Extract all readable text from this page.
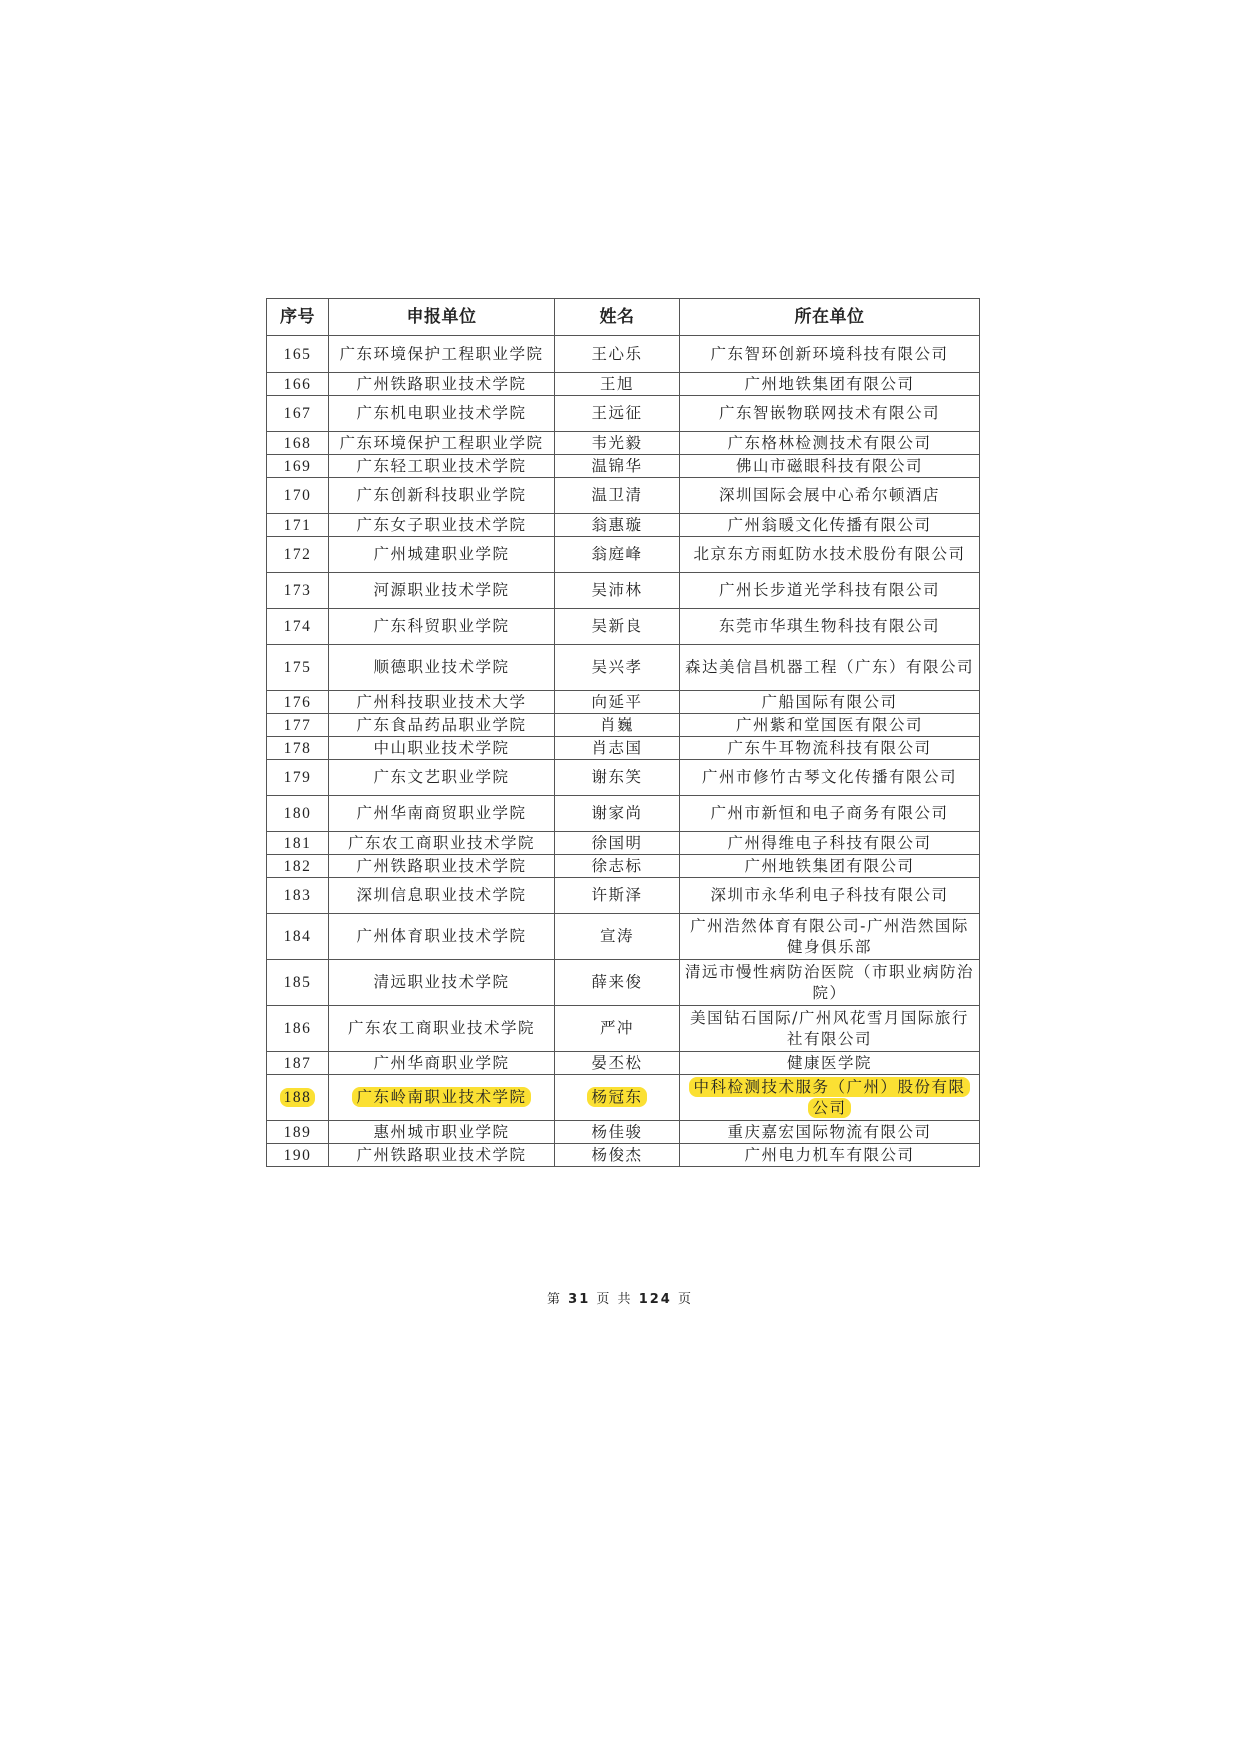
序号	申报单位	姓名	所在单位
165	广东环境保护工程职业学院	王心乐	广东智环创新环境科技有限公司
166	广州铁路职业技术学院	王旭	广州地铁集团有限公司
167	广东机电职业技术学院	王远征	广东智嵌物联网技术有限公司
168	广东环境保护工程职业学院	韦光毅	广东格林检测技术有限公司
169	广东轻工职业技术学院	温锦华	佛山市磁眼科技有限公司
170	广东创新科技职业学院	温卫清	深圳国际会展中心希尔顿酒店
171	广东女子职业技术学院	翁惠璇	广州翁暖文化传播有限公司
172	广州城建职业学院	翁庭峰	北京东方雨虹防水技术股份有限公司
173	河源职业技术学院	吴沛林	广州长步道光学科技有限公司
174	广东科贸职业学院	吴新良	东莞市华琪生物科技有限公司
175	顺德职业技术学院	吴兴孝	森达美信昌机器工程（广东）有限公司
176	广州科技职业技术大学	向延平	广船国际有限公司
177	广东食品药品职业学院	肖巍	广州紫和堂国医有限公司
178	中山职业技术学院	肖志国	广东牛耳物流科技有限公司
179	广东文艺职业学院	谢东笑	广州市修竹古琴文化传播有限公司
180	广州华南商贸职业学院	谢家尚	广州市新恒和电子商务有限公司
181	广东农工商职业技术学院	徐国明	广州得维电子科技有限公司
182	广州铁路职业技术学院	徐志标	广州地铁集团有限公司
183	深圳信息职业技术学院	许斯泽	深圳市永华利电子科技有限公司
184	广州体育职业技术学院	宣涛	广州浩然体育有限公司-广州浩然国际健身俱乐部
185	清远职业技术学院	薛来俊	清远市慢性病防治医院（市职业病防治院）
186	广东农工商职业技术学院	严冲	美国钻石国际/广州风花雪月国际旅行社有限公司
187	广州华商职业学院	晏丕松	健康医学院
188	广东岭南职业技术学院	杨冠东	中科检测技术服务（广州）股份有限公司
189	惠州城市职业学院	杨佳骏	重庆嘉宏国际物流有限公司
190	广州铁路职业技术学院	杨俊杰	广州电力机车有限公司
第 31 页 共 124 页
